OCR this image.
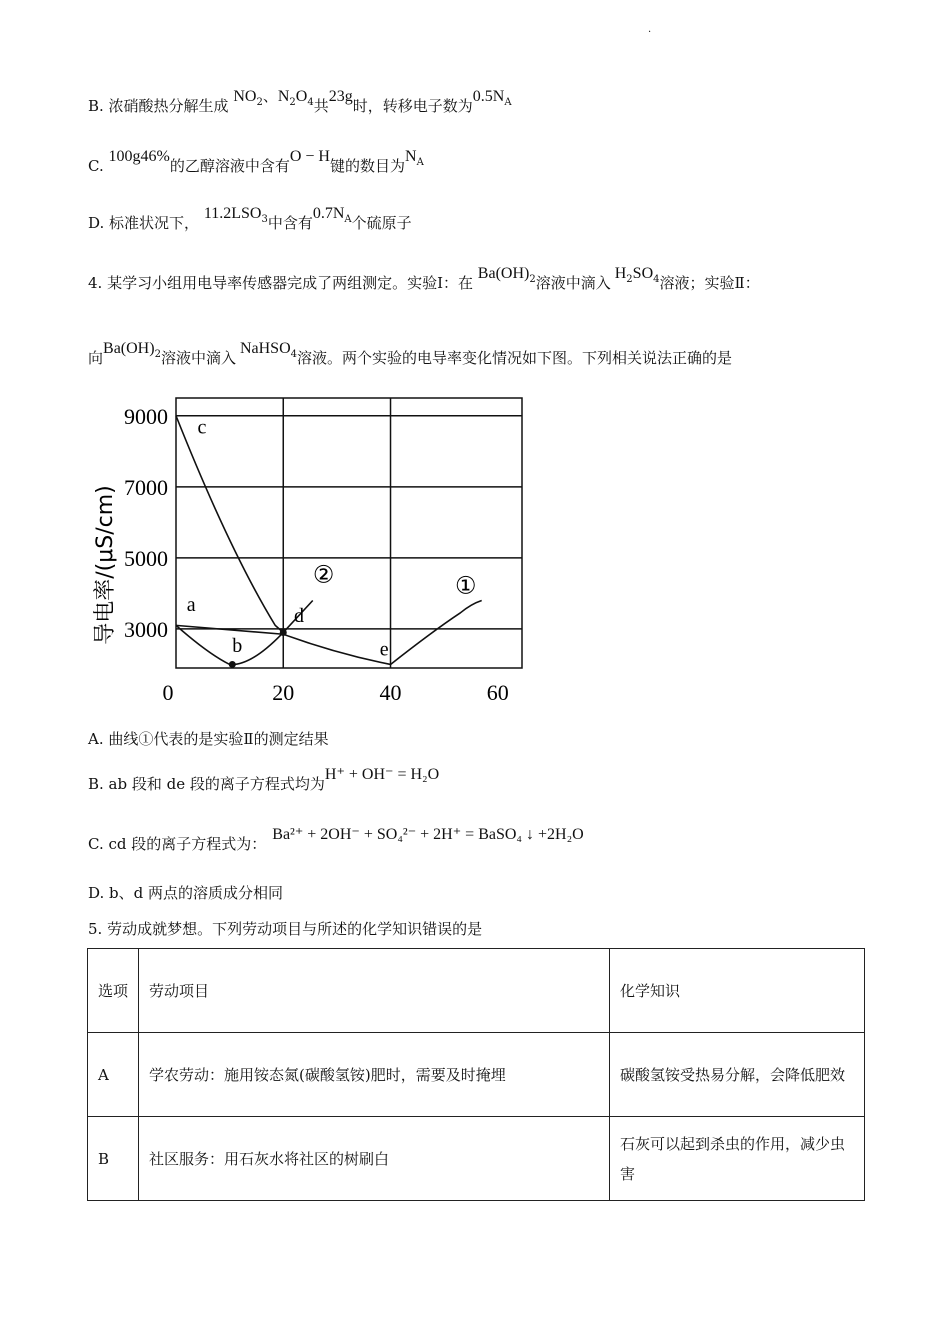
.
B. 浓硝酸热分解生成 $NO_2$、$N_2O_4$共23g时，转移电子数为$0.5N_A$
C. 100g46%的乙醇溶液中含有O − H键的数目为$N_A$
D. 标准状况下， $11.2LSO_3$中含有$0.7N_A$个硫原子
4. 某学习小组用电导率传感器完成了两组测定。实验Ⅰ：在 $Ba(OH)_2$溶液中滴入$H_2SO_4$溶液；实验Ⅱ：
向$Ba(OH)_2$溶液中滴入NaHSO$_4$溶液。两个实验的电导率变化情况如下图。下列相关说法正确的是
0	20	40	60
9000
7000
5000
3000
a
b
c
d
e
①
②
导电率/(μS/cm)
A. 曲线①代表的是实验Ⅱ的测定结果
B. ab 段和 de 段的离子方程式均为H⁺ + OH⁻ = H₂O
C. cd 段的离子方程式为：Ba²⁺ + 2OH⁻ + SO₄²⁻ + 2H⁺ = BaSO₄ ↓ +2H₂O
D. b、d 两点的溶质成分相同
5. 劳动成就梦想。下列劳动项目与所述的化学知识错误的是
选项	劳动项目	化学知识
A	学农劳动：施用铵态氮(碳酸氢铵)肥时，需要及时掩埋	碳酸氢铵受热易分解，会降低肥效
B	社区服务：用石灰水将社区的树刷白	石灰可以起到杀虫的作用，减少虫害
